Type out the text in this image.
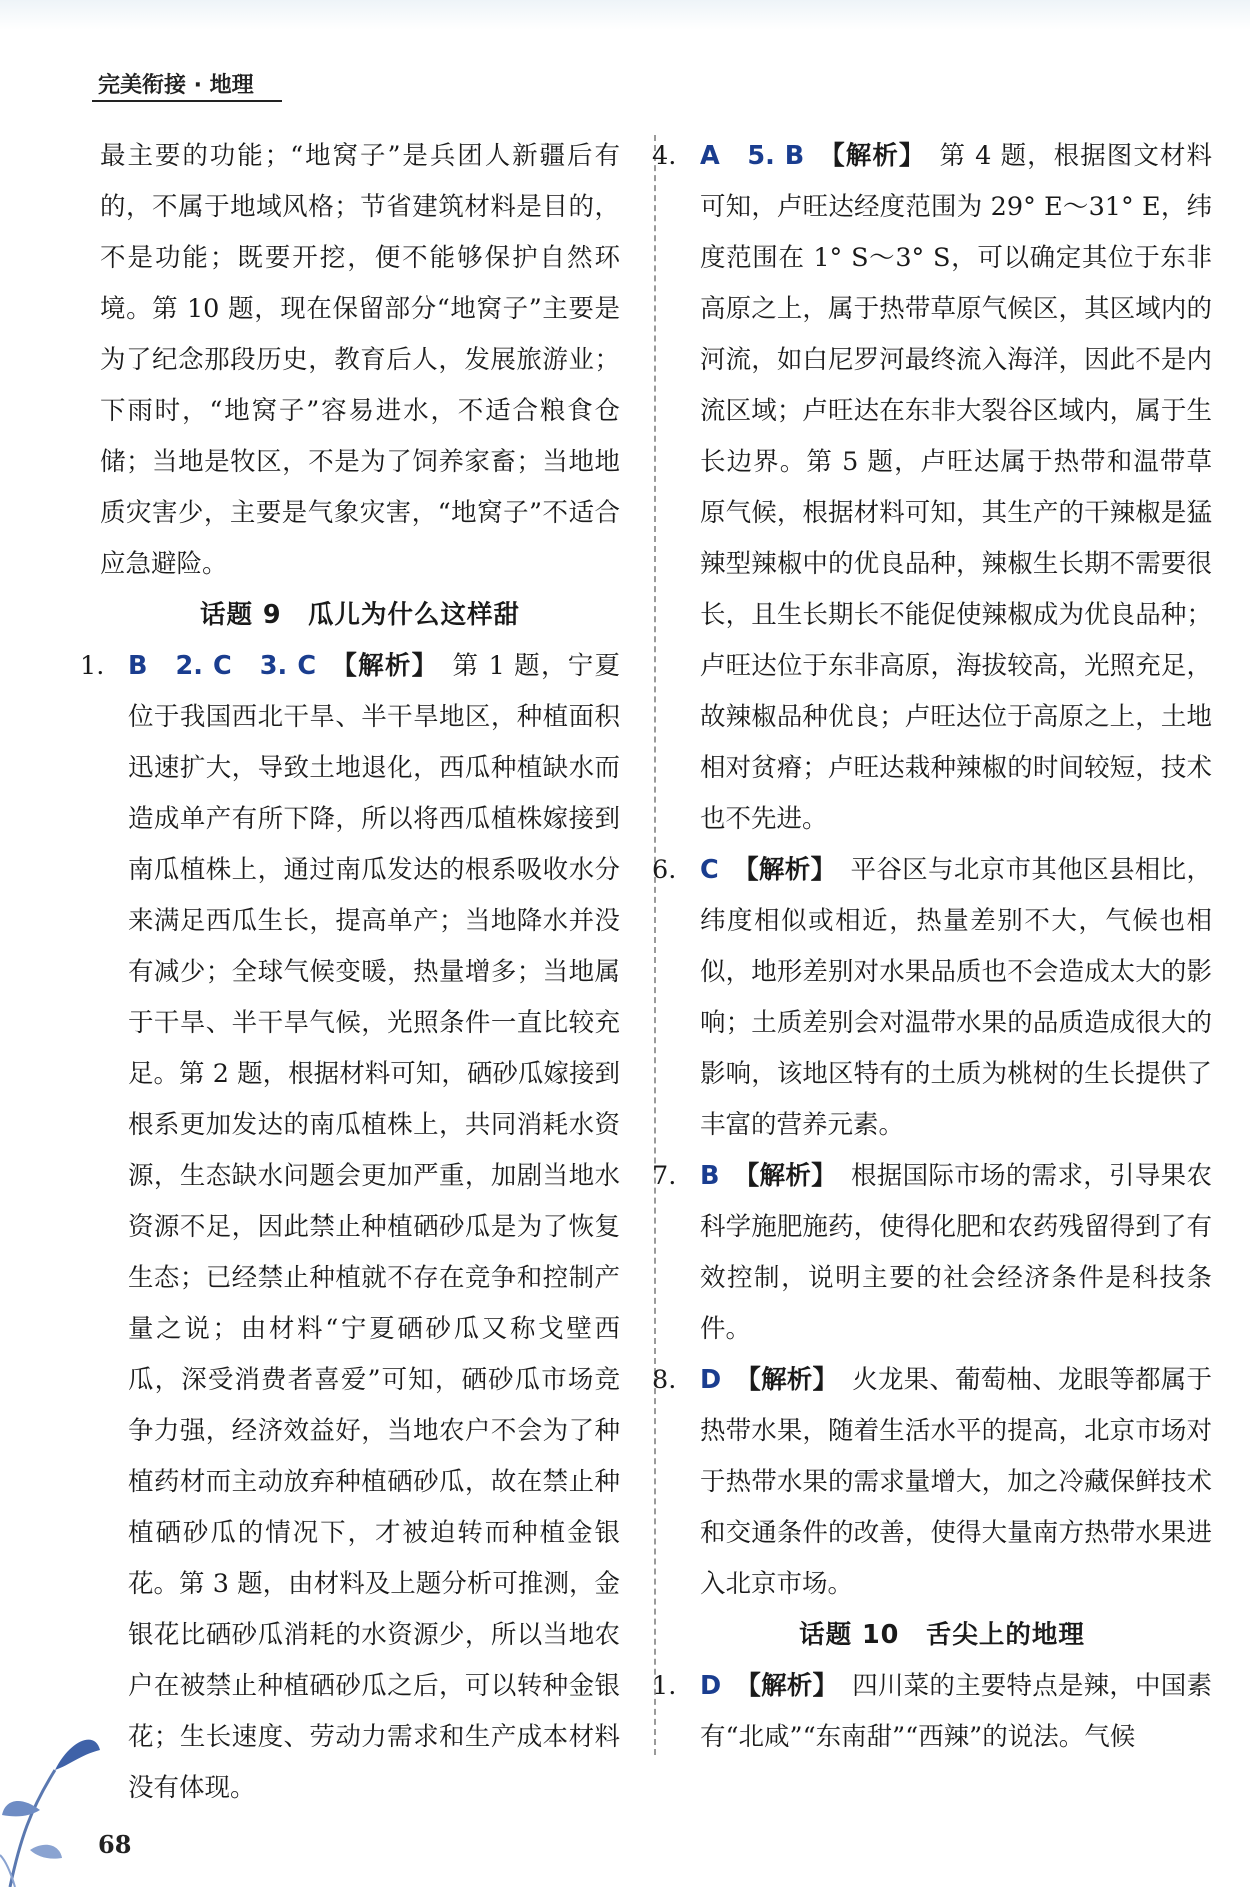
完美衔接 · 地理

最主要的功能；“地窝子”是兵团人新疆后有的，不属于地域风格；节省建筑材料是目的，不是功能；既要开挖，便不能够保护自然环境。第 10 题，现在保留部分“地窝子”主要是为了纪念那段历史，教育后人，发展旅游业；下雨时，“地窝子”容易进水，不适合粮食仓储；当地是牧区，不是为了饲养家畜；当地地质灾害少，主要是气象灾害，“地窝子”不适合应急避险。

话题 9　瓜儿为什么这样甜

1. B　2. C　3. C 【解析】 第 1 题，宁夏位于我国西北干旱、半干旱地区，种植面积迅速扩大，导致土地退化，西瓜种植缺水而造成单产有所下降，所以将西瓜植株嫁接到南瓜植株上，通过南瓜发达的根系吸收水分来满足西瓜生长，提高单产；当地降水并没有减少；全球气候变暖，热量增多；当地属于干旱、半干旱气候，光照条件一直比较充足。第 2 题，根据材料可知，硒砂瓜嫁接到根系更加发达的南瓜植株上，共同消耗水资源，生态缺水问题会更加严重，加剧当地水资源不足，因此禁止种植硒砂瓜是为了恢复生态；已经禁止种植就不存在竞争和控制产量之说；由材料“宁夏硒砂瓜又称戈壁西瓜，深受消费者喜爱”可知，硒砂瓜市场竞争力强，经济效益好，当地农户不会为了种植药材而主动放弃种植硒砂瓜，故在禁止种植硒砂瓜的情况下，才被迫转而种植金银花。第 3 题，由材料及上题分析可推测，金银花比硒砂瓜消耗的水资源少，所以当地农户在被禁止种植硒砂瓜之后，可以转种金银花；生长速度、劳动力需求和生产成本材料没有体现。

4. A　5. B 【解析】 第 4 题，根据图文材料可知，卢旺达经度范围为 29° E～31° E，纬度范围在 1° S～3° S，可以确定其位于东非高原之上，属于热带草原气候区，其区域内的河流，如白尼罗河最终流入海洋，因此不是内流区域；卢旺达在东非大裂谷区域内，属于生长边界。第 5 题，卢旺达属于热带和温带草原气候，根据材料可知，其生产的干辣椒是猛辣型辣椒中的优良品种，辣椒生长期不需要很长，且生长期长不能促使辣椒成为优良品种；卢旺达位于东非高原，海拔较高，光照充足，故辣椒品种优良；卢旺达位于高原之上，土地相对贫瘠；卢旺达栽种辣椒的时间较短，技术也不先进。

6. C 【解析】 平谷区与北京市其他区县相比，纬度相似或相近，热量差别不大，气候也相似，地形差别对水果品质也不会造成太大的影响；土质差别会对温带水果的品质造成很大的影响，该地区特有的土质为桃树的生长提供了丰富的营养元素。

7. B 【解析】 根据国际市场的需求，引导果农科学施肥施药，使得化肥和农药残留得到了有效控制，说明主要的社会经济条件是科技条件。

8. D 【解析】 火龙果、葡萄柚、龙眼等都属于热带水果，随着生活水平的提高，北京市场对于热带水果的需求量增大，加之冷藏保鲜技术和交通条件的改善，使得大量南方热带水果进入北京市场。

话题 10　舌尖上的地理

1. D 【解析】 四川菜的主要特点是辣，中国素有“北咸”“东南甜”“西辣”的说法。气候

68
